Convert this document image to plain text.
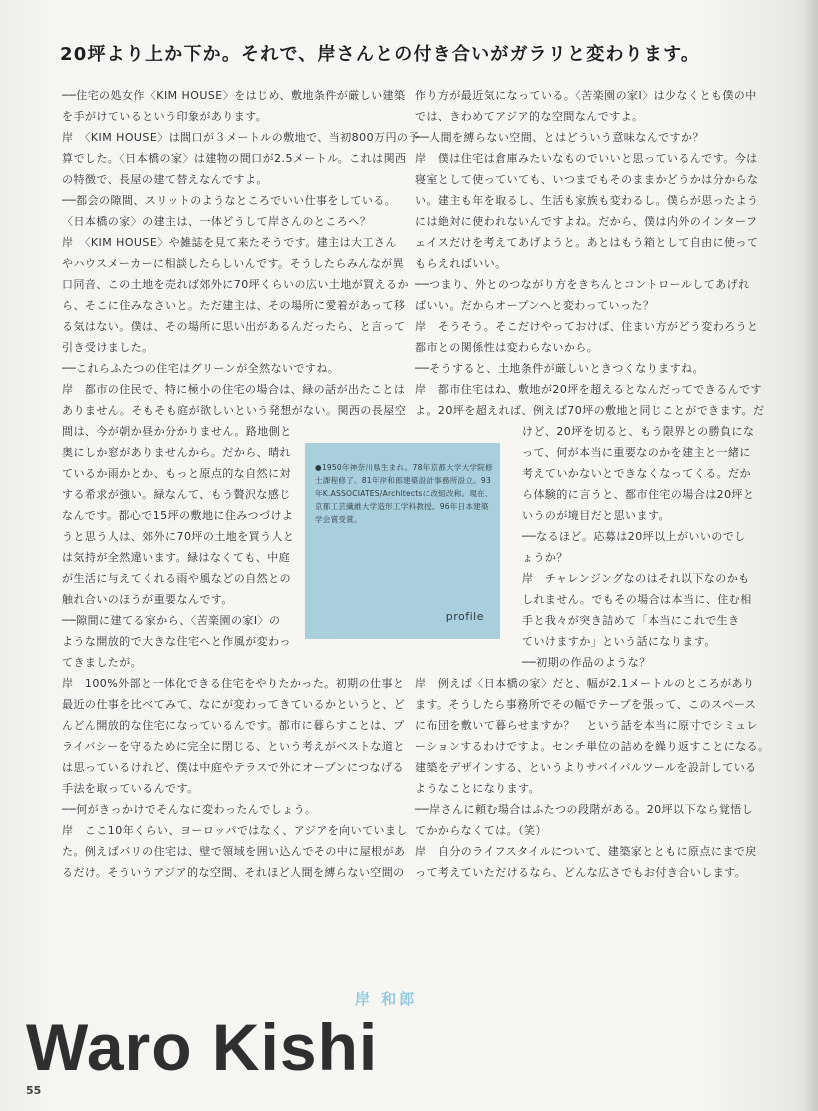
20坪より上か下か。それで、岸さんとの付き合いがガラリと変わります。
──住宅の処女作〈KIM HOUSE〉をはじめ、敷地条件が厳しい建築
を手がけているという印象があります。
岸　〈KIM HOUSE〉は間口が３メートルの敷地で、当初800万円の予
算でした。〈日本橋の家〉は建物の間口が2.5メートル。これは関西
の特徴で、長屋の建て替えなんですよ。
──都会の隙間、スリットのようなところでいい仕事をしている。
〈日本橋の家〉の建主は、一体どうして岸さんのところへ？
岸　〈KIM HOUSE〉や雑誌を見て来たそうです。建主は大工さん
やハウスメーカーに相談したらしいんです。そうしたらみんなが異
口同音、この土地を売れば郊外に70坪くらいの広い土地が買えるか
ら、そこに住みなさいと。ただ建主は、その場所に愛着があって移
る気はない。僕は、その場所に思い出があるんだったら、と言って
引き受けました。
──これらふたつの住宅はグリーンが全然ないですね。
岸　都市の住民で、特に極小の住宅の場合は、緑の話が出たことは
ありません。そもそも庭が欲しいという発想がない。関西の長屋空
間は、今が朝か昼か分かりません。路地側と
奥にしか窓がありませんから。だから、晴れ
ているか雨かとか、もっと原点的な自然に対
する希求が強い。緑なんて、もう贅沢な感じ
なんです。都心で15坪の敷地に住みつづけよ
うと思う人は、郊外に70坪の土地を買う人と
は気持が全然違います。緑はなくても、中庭
が生活に与えてくれる雨や風などの自然との
触れ合いのほうが重要なんです。
──隙間に建てる家から、〈苦楽園の家Ⅰ〉の
ような開放的で大きな住宅へと作風が変わっ
てきましたが。
岸　100%外部と一体化できる住宅をやりたかった。初期の仕事と
最近の仕事を比べてみて、なにが変わってきているかというと、ど
んどん開放的な住宅になっているんです。都市に暮らすことは、プ
ライバシーを守るために完全に閉じる、という考えがベストな道と
は思っているけれど、僕は中庭やテラスで外にオープンにつなげる
手法を取っているんです。
──何がきっかけでそんなに変わったんでしょう。
岸　ここ10年くらい、ヨーロッパではなく、アジアを向いていまし
た。例えばバリの住宅は、壁で領域を囲い込んでその中に屋根があ
るだけ。そういうアジア的な空間、それほど人間を縛らない空間の
作り方が最近気になっている。〈苦楽園の家Ⅰ〉は少なくとも僕の中
では、きわめてアジア的な空間なんですよ。
──人間を縛らない空間、とはどういう意味なんですか？
岸　僕は住宅は倉庫みたいなものでいいと思っているんです。今は
寝室として使っていても、いつまでもそのままかどうかは分からな
い。建主も年を取るし、生活も家族も変わるし。僕らが思ったよう
には絶対に使われないんですよね。だから、僕は内外のインターフ
ェイスだけを考えてあげようと。あとはもう箱として自由に使って
もらえればいい。
──つまり、外とのつながり方をきちんとコントロールしてあげれ
ばいい。だからオープンへと変わっていった？
岸　そうそう。そこだけやっておけば、住まい方がどう変わろうと
都市との関係性は変わらないから。
──そうすると、土地条件が厳しいときつくなりますね。
岸　都市住宅はね、敷地が20坪を超えるとなんだってできるんです
よ。20坪を超えれば、例えば70坪の敷地と同じことができます。だ
けど、20坪を切ると、もう限界との勝負にな
って、何が本当に重要なのかを建主と一緒に
考えていかないとできなくなってくる。だか
ら体験的に言うと、都市住宅の場合は20坪と
いうのが境目だと思います。
──なるほど。応募は20坪以上がいいのでし
ょうか？
岸　チャレンジングなのはそれ以下なのかも
しれません。でもその場合は本当に、住む相
手と我々が突き詰めて「本当にこれで生き
ていけますか」という話になります。
──初期の作品のような？
岸　例えば〈日本橋の家〉だと、幅が2.1メートルのところがあり
ます。そうしたら事務所でその幅でテープを張って、このスペース
に布団を敷いて暮らせますか？　という話を本当に原寸でシミュレ
ーションするわけですよ。センチ単位の詰めを繰り返すことになる。
建築をデザインする、というよりサバイバルツールを設計している
ようなことになります。
──岸さんに頼む場合はふたつの段階がある。20坪以下なら覚悟し
てかからなくては。（笑）
岸　自分のライフスタイルについて、建築家とともに原点にまで戻
って考えていただけるなら、どんな広さでもお付き合いします。
●1950年神奈川県生まれ。78年京都大学大学院修士課程修了。81年岸和郎建築設計事務所設立。93年K.ASSOCIATES/Architectsに改組改称。現在、京都工芸繊維大学造形工学科教授。96年日本建築学会賞受賞。
profile
岸 和郎
Waro Kishi
55
